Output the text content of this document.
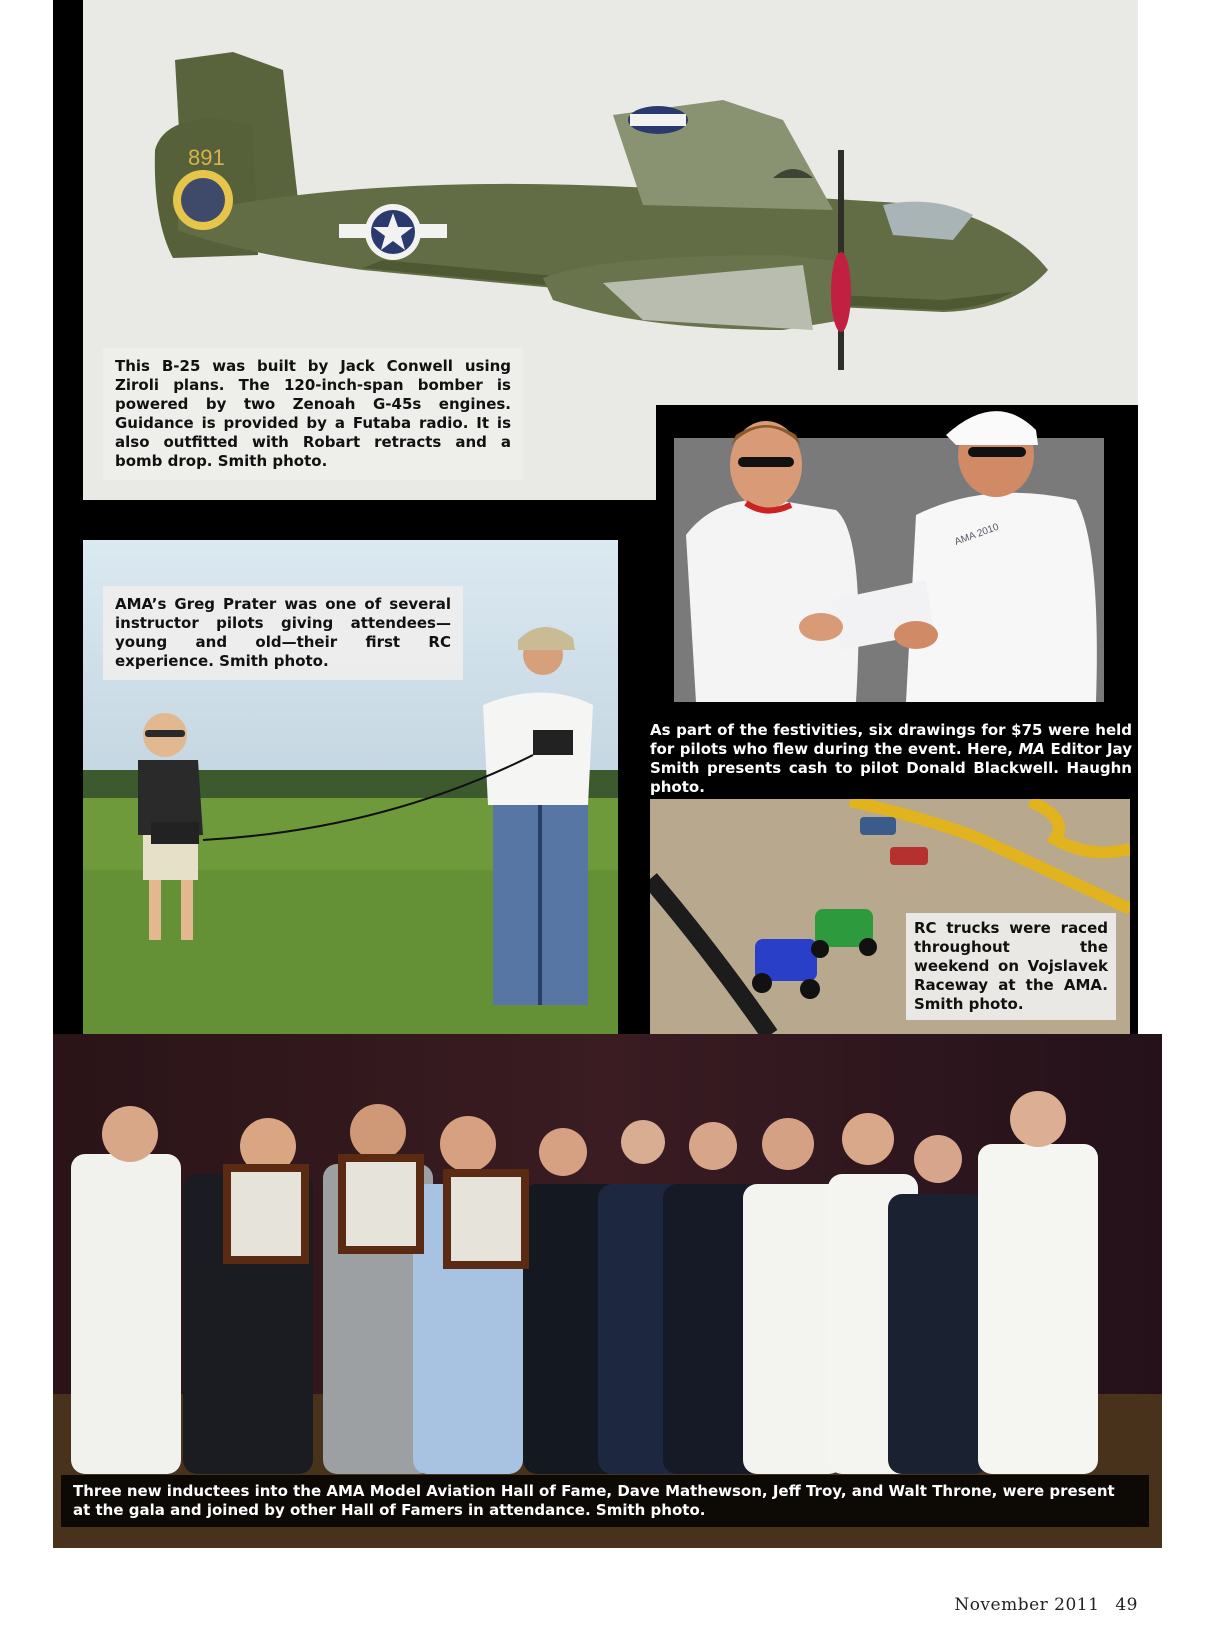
891
This B-25 was built by Jack Conwell using Ziroli plans. The 120-inch-span bomber is powered by two Zenoah G-45s engines. Guidance is provided by a Futaba radio. It is also outfitted with Robart retracts and a bomb drop. Smith photo.
AMA 2010
As part of the festivities, six drawings for $75 were held for pilots who flew during the event. Here, MA Editor Jay Smith presents cash to pilot Donald Blackwell. Haughn photo.
AMA’s Greg Prater was one of several instructor pilots giving attendees—young and old—their first RC experience. Smith photo.
RC trucks were raced throughout the weekend on Vojslavek Raceway at the AMA. Smith photo.
Three new inductees into the AMA Model Aviation Hall of Fame, Dave Mathewson, Jeff Troy, and Walt Throne, were present at the gala and joined by other Hall of Famers in attendance. Smith photo.
November 2011 49
